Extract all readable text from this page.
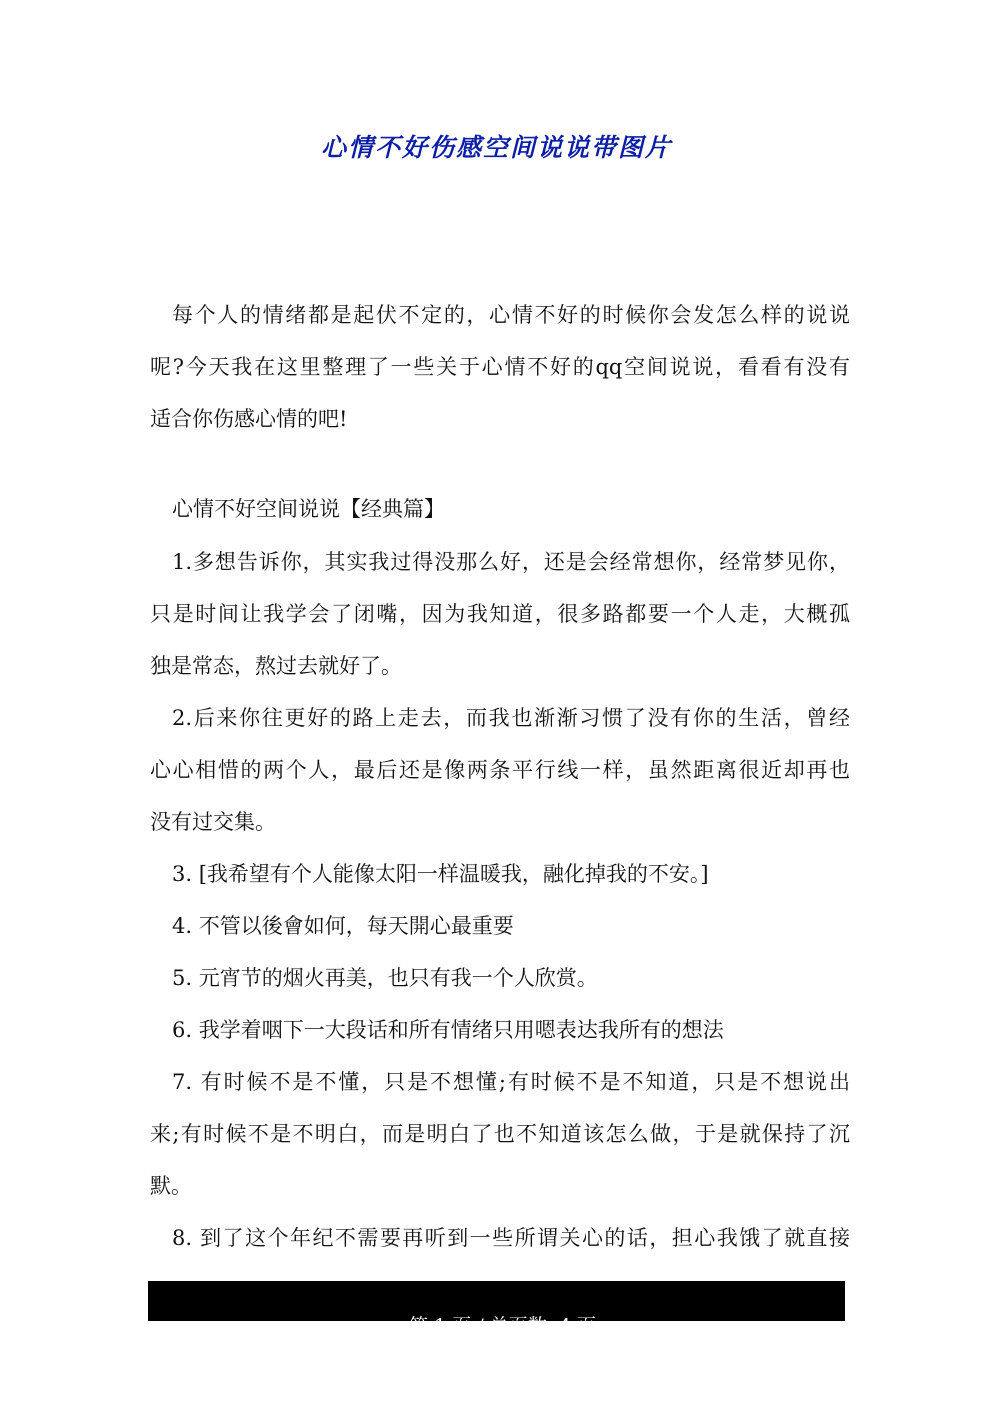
心情不好伤感空间说说带图片

每个人的情绪都是起伏不定的，心情不好的时候你会发怎么样的说说

呢?今天我在这里整理了一些关于心情不好的qq空间说说，看看有没有

适合你伤感心情的吧!

心情不好空间说说【经典篇】

1.多想告诉你，其实我过得没那么好，还是会经常想你，经常梦见你，

只是时间让我学会了闭嘴，因为我知道，很多路都要一个人走，大概孤

独是常态，熬过去就好了。

2.后来你往更好的路上走去，而我也渐渐习惯了没有你的生活，曾经

心心相惜的两个人，最后还是像两条平行线一样，虽然距离很近却再也

没有过交集。

3. [我希望有个人能像太阳一样温暖我，融化掉我的不安。]

4. 不管以後會如何，每天開心最重要

5. 元宵节的烟火再美，也只有我一个人欣赏。

6. 我学着咽下一大段话和所有情绪只用嗯表达我所有的想法

7. 有时候不是不懂，只是不想懂;有时候不是不知道，只是不想说出

来;有时候不是不明白，而是明白了也不知道该怎么做，于是就保持了沉

默。

8. 到了这个年纪不需要再听到一些所谓关心的话，担心我饿了就直接

第 1 页 / 总页数  4 页
